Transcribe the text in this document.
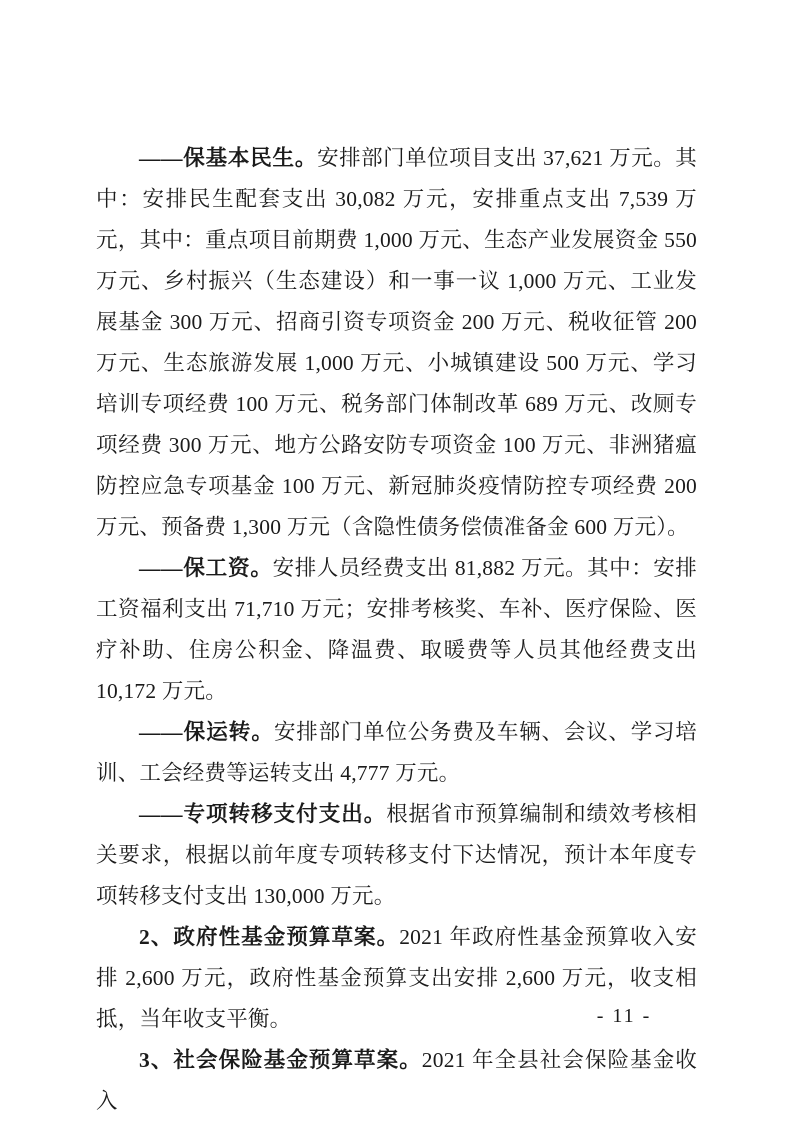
——保基本民生。安排部门单位项目支出 37,621 万元。其中：安排民生配套支出 30,082 万元，安排重点支出 7,539 万元，其中：重点项目前期费 1,000 万元、生态产业发展资金 550 万元、乡村振兴（生态建设）和一事一议 1,000 万元、工业发展基金 300 万元、招商引资专项资金 200 万元、税收征管 200 万元、生态旅游发展 1,000 万元、小城镇建设 500 万元、学习培训专项经费 100 万元、税务部门体制改革 689 万元、改厕专项经费 300 万元、地方公路安防专项资金 100 万元、非洲猪瘟防控应急专项基金 100 万元、新冠肺炎疫情防控专项经费 200 万元、预备费 1,300 万元（含隐性债务偿债准备金 600 万元）。

——保工资。安排人员经费支出 81,882 万元。其中：安排工资福利支出 71,710 万元；安排考核奖、车补、医疗保险、医疗补助、住房公积金、降温费、取暖费等人员其他经费支出 10,172 万元。

——保运转。安排部门单位公务费及车辆、会议、学习培训、工会经费等运转支出 4,777 万元。

——专项转移支付支出。根据省市预算编制和绩效考核相关要求，根据以前年度专项转移支付下达情况，预计本年度专项转移支付支出 130,000 万元。

2、政府性基金预算草案。2021 年政府性基金预算收入安排 2,600 万元，政府性基金预算支出安排 2,600 万元，收支相抵，当年收支平衡。

3、社会保险基金预算草案。2021 年全县社会保险基金收入

- 11 -
